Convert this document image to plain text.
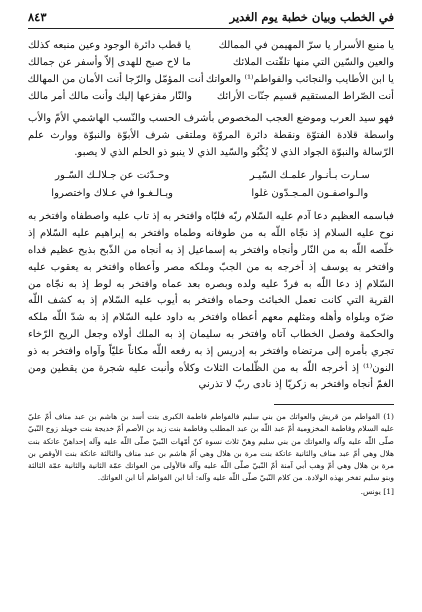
في الخطب وبيان خطبة يوم الغدير
٨٤٣
يا منبع الأسرار يا سرّ المهيمن في الممالك
يا قطب دائرة الوجود وعين منبعه كذلك
والعين والسّين التي منها تلقّتت الملائك
ما لاح صبح للهدى إلاّ وأسفر عن جمالك
يا ابن الأطايب والنجائب والفواطم⁽¹⁾ والعواتك
أنت المؤمّل والرّجا أنت الأمان من المهالك
أنت الصّراط المستقيم قسيم جنّات الأرائك
والنّار مفزعها إليك وأنت مالك أمر مالك

فهو سيد العرب وموضع العجب المخصوص بأشرف الحسب والنّسب الهاشمي الأمّ والأب واسطة قلادة الفتوّة ونقطة دائرة المروّة وملتقى شرف الأبوّة والنبوّة ووارث علم الرّسالة والنبوّة الجواد الذي لا يُكْبُو والسّيد الذي لا ينبو ذو الحلم الذي لا يصبو.

سـارت بـأنـوار علمـك السّيـر
وحـدّثت عن جـلالـك السّـور
والـواصفـون المـجـدّون غلوا
وبـالـغـوا في عـلاك واختصروا

فباسمه العظيم دعا آدم عليه السّلام ربّه فلبّاه وافتخر به إذ تاب عليه واصطفاه وافتخر به نوح عليه السلام إذ نجّاه اللّه به من طوفانه وطماه وافتخر به إبراهيم عليه السّلام إذ خلّصه اللّه به من النّار وأنجاه وافتخر به إسماعيل إذ به أنجاه من الذّبح بذبح عظيم فداه وافتخر به يوسف إذ أخرجه به من الجبّ وملكه مصر وأعطاه وافتخر به يعقوب عليه السّلام إذ دعا اللّه به فردّ عليه ولده وبصره بعد عماه وافتخر به لوط إذ به نجّاه من القرية التي كانت تعمل الخبائث وحماه وافتخر به أيوب عليه السّلام إذ به كشف اللّه ضرّه وبلواه وأهله ومثلهم معهم أعطاه وافتخر به داود عليه السّلام إذ به شدّ اللّه ملكه والحكمة وفصل الخطاب آتاه وافتخر به سليمان إذ به الملك أولاه وجعل الريح الرّخاء تجري بأمره إلى مرتضاه وافتخر به إدريس إذ به رفعه اللّه مكاناً عليّاً وآواه وافتخر به ذو النون⁽¹⁾ إذ أخرجه اللّه به من الظّلمات الثلاث وكلأه وأنبت عليه شجرة من يقطين ومن الغمّ أنجاه وافتخر به زكريّا إذ نادى ربّ لا تذرني

(1) الفواطم من قريش والعواتك من بني سليم فالفواطم فاطمة الكبرى بنت أسد بن هاشم بن عبد مناف أمّ عليّ عليه السلام وفاطمة المخزومية أمّ عبد اللّه بن عبد المطلب وفاطمة بنت زيد بن الأصم أمّ خديجة بنت خويلد زوج النّبيّ صلّى اللّه عليه وآله والعواتك من بني سليم وهنّ ثلاث نسوة كنّ أمّهات النّبيّ صلّى اللّه عليه وآله إحداهنّ عاتكة بنت هلال وهي أمّ عبد مناف والثانية عاتكة بنت مرة بن هلال وهي أمّ هاشم بن عبد مناف والثالثة عاتكة بنت الأوقص بن مرة بن هلال وهي أمّ وهب أبي آمنة أمّ النّبيّ صلّى اللّه عليه وآله فالأولى من العواتك عمّة الثانية والثانية عمّة الثالثة وبنو سليم تفخر بهذه الولادة. من كلام النّبيّ صلّى اللّه عليه وآله: أنا ابن الفواطم أنا ابن العواتك.

[1] يونس.
